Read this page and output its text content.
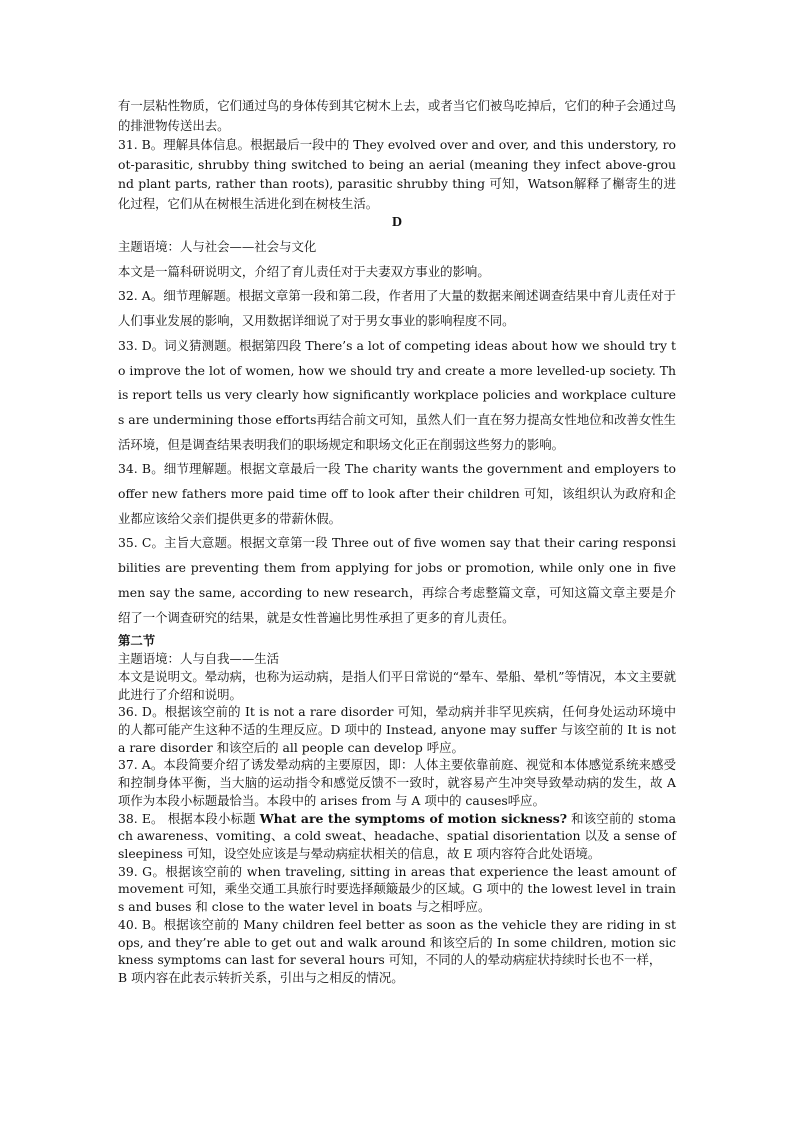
有一层粘性物质，它们通过鸟的身体传到其它树木上去，或者当它们被鸟吃掉后，它们的种子会通过鸟的排泄物传送出去。

31. B。理解具体信息。根据最后一段中的 They evolved over and over, and this understory, root-parasitic, shrubby thing switched to being an aerial (meaning they infect above-ground plant parts, rather than roots), parasitic shrubby thing 可知，Watson解释了槲寄生的进化过程，它们从在树根生活进化到在树枝生活。

D

主题语境：人与社会——社会与文化

本文是一篇科研说明文，介绍了育儿责任对于夫妻双方事业的影响。

32. A。细节理解题。根据文章第一段和第二段，作者用了大量的数据来阐述调查结果中育儿责任对于人们事业发展的影响，又用数据详细说了对于男女事业的影响程度不同。

33. D。词义猜测题。根据第四段 There’s a lot of competing ideas about how we should try to improve the lot of women, how we should try and create a more levelled-up society. This report tells us very clearly how significantly workplace policies and workplace cultures are undermining those efforts再结合前文可知，虽然人们一直在努力提高女性地位和改善女性生活环境，但是调查结果表明我们的职场规定和职场文化正在削弱这些努力的影响。

34. B。细节理解题。根据文章最后一段 The charity wants the government and employers to offer new fathers more paid time off to look after their children 可知，该组织认为政府和企业都应该给父亲们提供更多的带薪休假。

35. C。主旨大意题。根据文章第一段 Three out of five women say that their caring responsibilities are preventing them from applying for jobs or promotion, while only one in five men say the same, according to new research，再综合考虑整篇文章，可知这篇文章主要是介绍了一个调查研究的结果，就是女性普遍比男性承担了更多的育儿责任。

第二节

主题语境：人与自我——生活

本文是说明文。晕动病，也称为运动病，是指人们平日常说的“晕车、晕船、晕机”等情况，本文主要就此进行了介绍和说明。

36. D。根据该空前的 It is not a rare disorder 可知，晕动病并非罕见疾病，任何身处运动环境中的人都可能产生这种不适的生理反应。D 项中的 Instead, anyone may suffer 与该空前的 It is not a rare disorder 和该空后的 all people can develop 呼应。

37. A。本段简要介绍了诱发晕动病的主要原因，即：人体主要依靠前庭、视觉和本体感觉系统来感受和控制身体平衡，当大脑的运动指令和感觉反馈不一致时，就容易产生冲突导致晕动病的发生，故 A 项作为本段小标题最恰当。本段中的 arises from 与 A 项中的 causes呼应。

38. E。 根据本段小标题 What are the symptoms of motion sickness? 和该空前的 stomach awareness、vomiting、a cold sweat、headache、spatial disorientation 以及 a sense of sleepiness 可知，设空处应该是与晕动病症状相关的信息，故 E 项内容符合此处语境。

39. G。根据该空前的 when traveling, sitting in areas that experience the least amount of movement 可知，乘坐交通工具旅行时要选择颠簸最少的区域。G 项中的 the lowest level in trains and buses 和 close to the water level in boats 与之相呼应。

40. B。根据该空前的 Many children feel better as soon as the vehicle they are riding in stops, and they’re able to get out and walk around 和该空后的 In some children, motion sickness symptoms can last for several hours 可知，不同的人的晕动病症状持续时长也不一样，

B 项内容在此表示转折关系，引出与之相反的情况。
